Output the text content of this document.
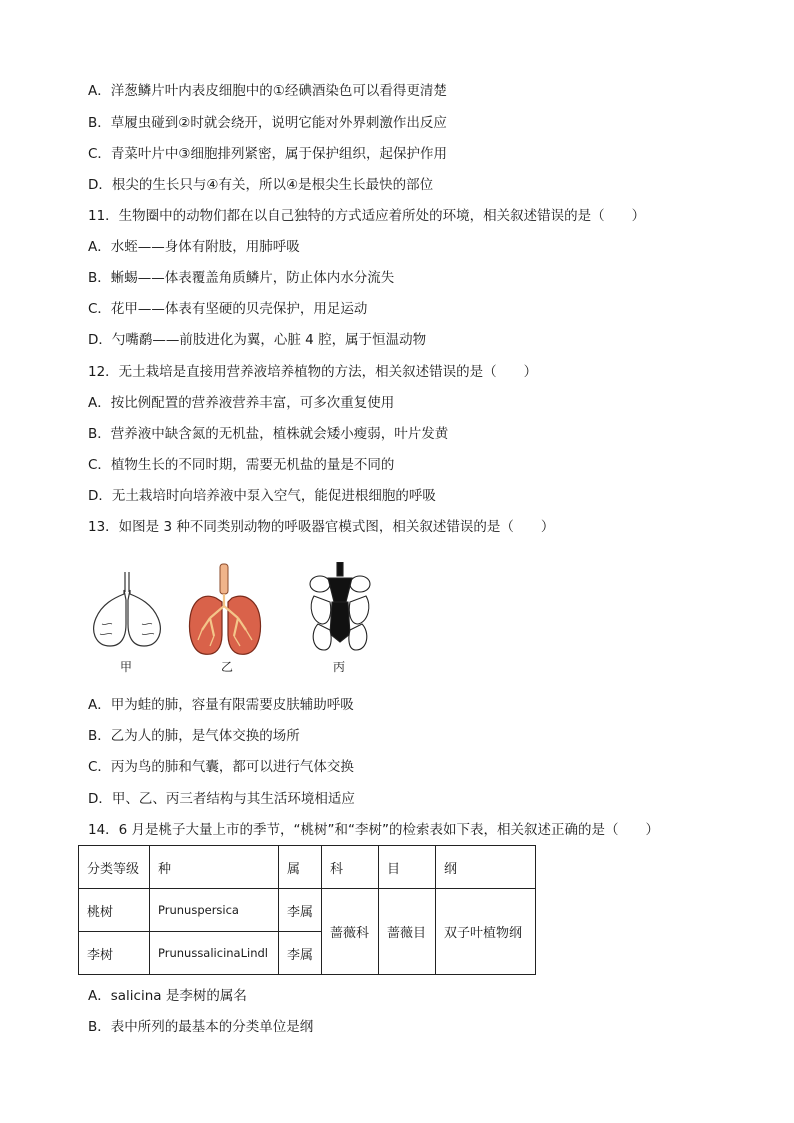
A．洋葱鳞片叶内表皮细胞中的①经碘酒染色可以看得更清楚
B．草履虫碰到②时就会绕开，说明它能对外界刺激作出反应
C．青菜叶片中③细胞排列紧密，属于保护组织，起保护作用
D．根尖的生长只与④有关，所以④是根尖生长最快的部位
11．生物圈中的动物们都在以自己独特的方式适应着所处的环境，相关叙述错误的是（　　）
A．水蛭——身体有附肢，用肺呼吸
B．蜥蜴——体表覆盖角质鳞片，防止体内水分流失
C．花甲——体表有坚硬的贝壳保护，用足运动
D．勺嘴鹬——前肢进化为翼，心脏 4 腔，属于恒温动物
12．无土栽培是直接用营养液培养植物的方法，相关叙述错误的是（　　）
A．按比例配置的营养液营养丰富，可多次重复使用
B．营养液中缺含氮的无机盐，植株就会矮小瘦弱，叶片发黄
C．植物生长的不同时期，需要无机盐的量是不同的
D．无土栽培时向培养液中泵入空气，能促进根细胞的呼吸
13．如图是 3 种不同类别动物的呼吸器官模式图，相关叙述错误的是（　　）
甲	乙	丙
A．甲为蛙的肺，容量有限需要皮肤辅助呼吸
B．乙为人的肺，是气体交换的场所
C．丙为鸟的肺和气囊，都可以进行气体交换
D．甲、乙、丙三者结构与其生活环境相适应
14．6 月是桃子大量上市的季节，“桃树”和“李树”的检索表如下表，相关叙述正确的是（　　）
分类等级	种	属	科	目	纲
桃树	Prunuspersica	李属	蔷薇科	蔷薇目	双子叶植物纲
李树	PrunussalicinaLindl	李属			
A．salicina 是李树的属名
B．表中所列的最基本的分类单位是纲
